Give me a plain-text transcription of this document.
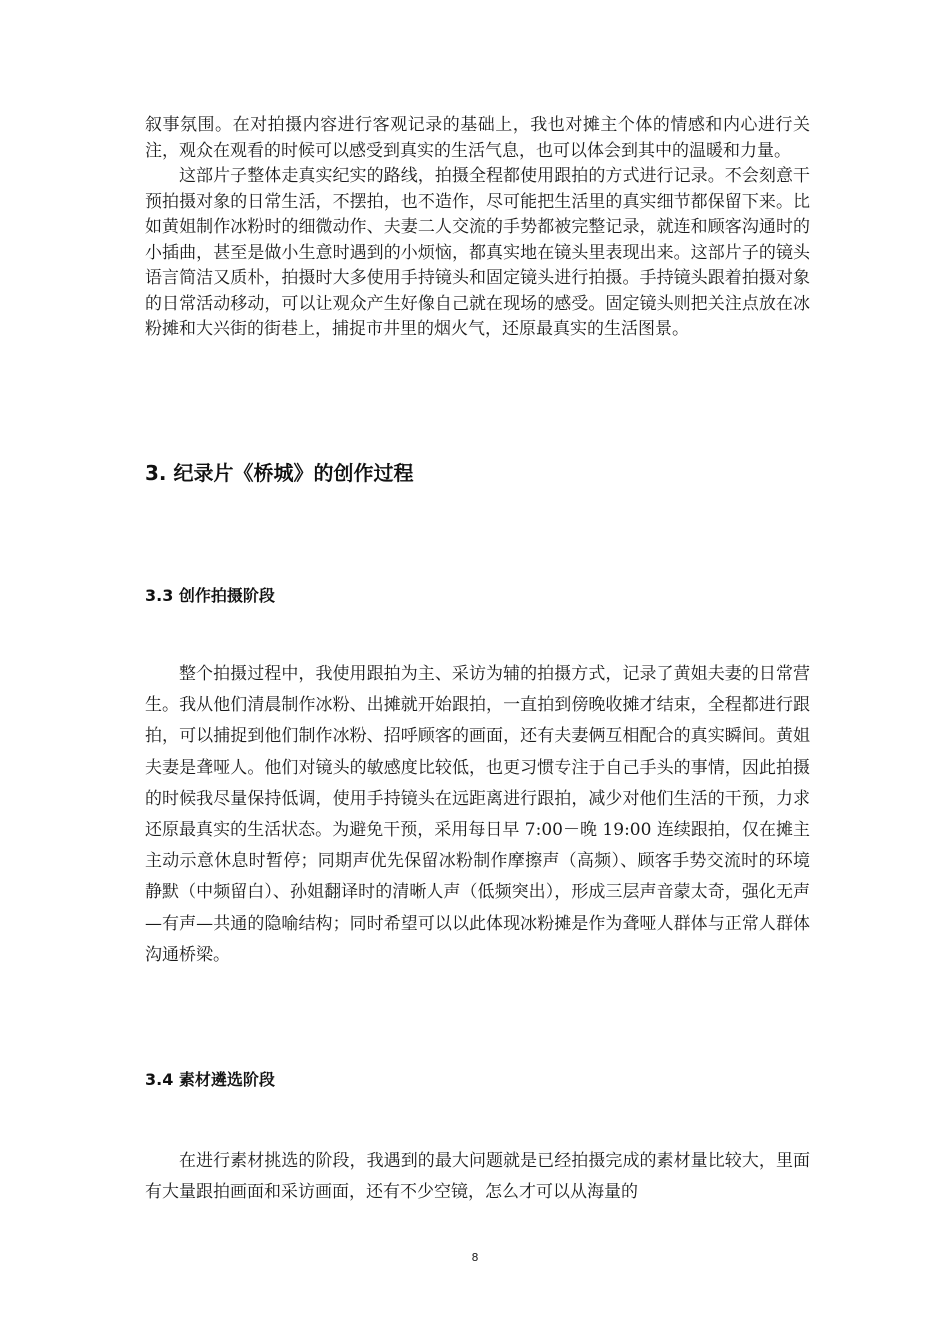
叙事氛围。在对拍摄内容进行客观记录的基础上，我也对摊主个体的情感和内心进行关注，观众在观看的时候可以感受到真实的生活气息，也可以体会到其中的温暖和力量。

这部片子整体走真实纪实的路线，拍摄全程都使用跟拍的方式进行记录。不会刻意干预拍摄对象的日常生活，不摆拍，也不造作，尽可能把生活里的真实细节都保留下来。比如黄姐制作冰粉时的细微动作、夫妻二人交流的手势都被完整记录，就连和顾客沟通时的小插曲，甚至是做小生意时遇到的小烦恼，都真实地在镜头里表现出来。这部片子的镜头语言简洁又质朴，拍摄时大多使用手持镜头和固定镜头进行拍摄。手持镜头跟着拍摄对象的日常活动移动，可以让观众产生好像自己就在现场的感受。固定镜头则把关注点放在冰粉摊和大兴街的街巷上，捕捉市井里的烟火气，还原最真实的生活图景。

3. 纪录片《桥城》的创作过程
3.3 创作拍摄阶段

整个拍摄过程中，我使用跟拍为主、采访为辅的拍摄方式，记录了黄姐夫妻的日常营生。我从他们清晨制作冰粉、出摊就开始跟拍，一直拍到傍晚收摊才结束，全程都进行跟拍，可以捕捉到他们制作冰粉、招呼顾客的画面，还有夫妻俩互相配合的真实瞬间。黄姐夫妻是聋哑人。他们对镜头的敏感度比较低，也更习惯专注于自己手头的事情，因此拍摄的时候我尽量保持低调，使用手持镜头在远距离进行跟拍，减少对他们生活的干预，力求还原最真实的生活状态。为避免干预，采用每日早 7:00－晚 19:00 连续跟拍，仅在摊主主动示意休息时暂停；同期声优先保留冰粉制作摩擦声（高频）、顾客手势交流时的环境静默（中频留白）、孙姐翻译时的清晰人声（低频突出），形成三层声音蒙太奇，强化无声—有声—共通的隐喻结构；同时希望可以以此体现冰粉摊是作为聋哑人群体与正常人群体沟通桥梁。

3.4 素材遴选阶段

在进行素材挑选的阶段，我遇到的最大问题就是已经拍摄完成的素材量比较大，里面有大量跟拍画面和采访画面，还有不少空镜，怎么才可以从海量的

8
